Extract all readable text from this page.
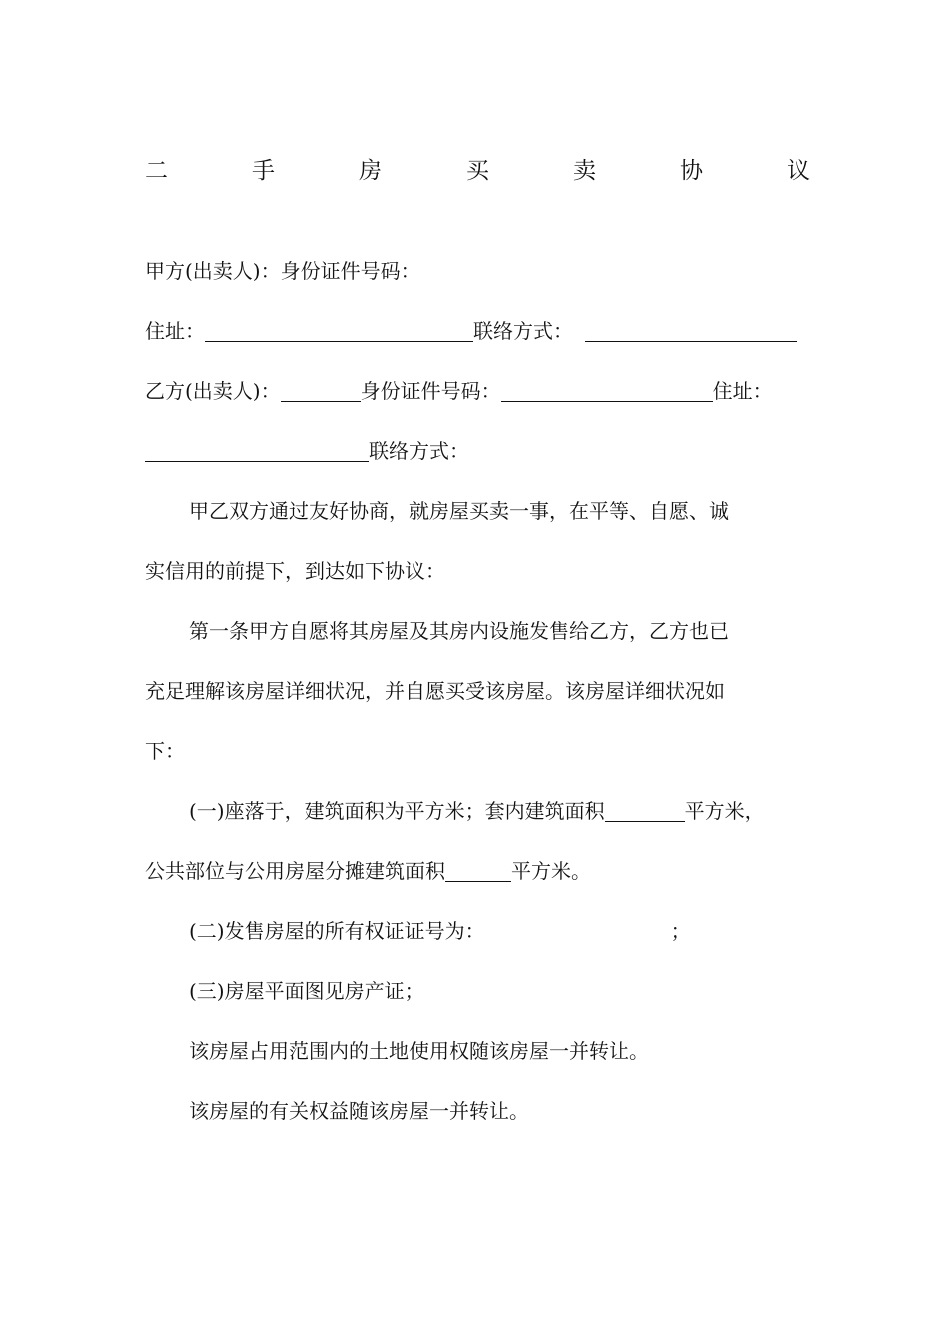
二	手	房	买	卖	协	议
甲方(出卖人)：身份证件号码：
住址：	联络方式：
乙方(出卖人)：	身份证件号码：	住址：
联络方式：
甲乙双方通过友好协商，就房屋买卖一事，在平等、自愿、诚
实信用的前提下，到达如下协议：
第一条甲方自愿将其房屋及其房内设施发售给乙方，乙方也已
充足理解该房屋详细状况，并自愿买受该房屋。该房屋详细状况如
下：
(一)座落于，建筑面积为平方米；套内建筑面积	平方米，
公共部位与公用房屋分摊建筑面积	平方米。
(二)发售房屋的所有权证证号为：	；
(三)房屋平面图见房产证；
该房屋占用范围内的土地使用权随该房屋一并转让。
该房屋的有关权益随该房屋一并转让。
